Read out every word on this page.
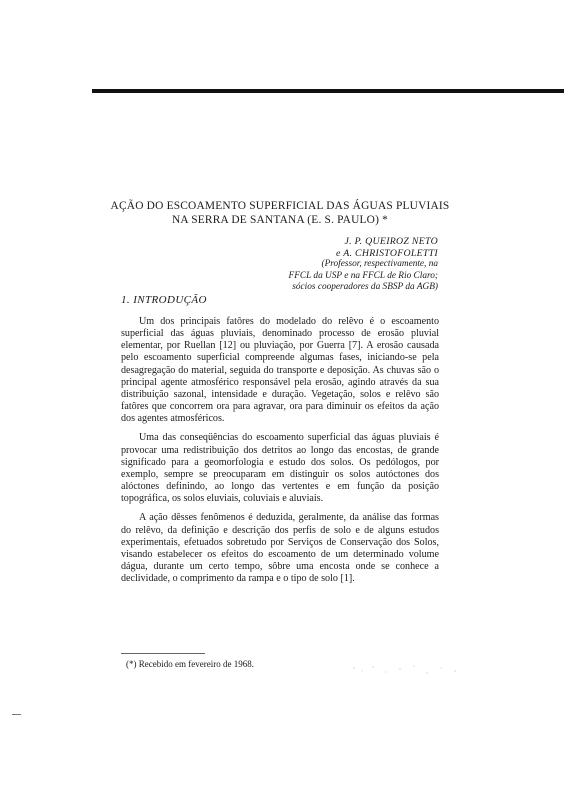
AÇÃO DO ESCOAMENTO SUPERFICIAL DAS ÁGUAS PLUVIAIS NA SERRA DE SANTANA (E. S. PAULO) *
J. P. QUEIROZ NETO
e A. CHRISTOFOLETTI
(Professor, respectivamente, na
FFCL da USP e na FFCL de Rio Claro;
sócios cooperadores da SBSP da AGB)
1. INTRODUÇÃO

Um dos principais fatôres do modelado do relêvo é o escoamento superficial das águas pluviais, denominado processo de erosão pluvial elementar, por Ruellan [12] ou pluviação, por Guerra [7]. A erosão causada pelo escoamento superficial compreende algumas fases, iniciando-se pela desagregação do material, seguida do transporte e deposição. As chuvas são o principal agente atmosférico responsável pela erosão, agindo através da sua distribuição sazonal, intensidade e duração. Vegetação, solos e relêvo são fatôres que concorrem ora para agravar, ora para diminuir os efeitos da ação dos agentes atmosféricos.

Uma das conseqüências do escoamento superficial das águas pluviais é provocar uma redistribuição dos detritos ao longo das encostas, de grande significado para a geomorfologia e estudo dos solos. Os pedólogos, por exemplo, sempre se preocuparam em distinguir os solos autóctones dos alóctones definindo, ao longo das vertentes e em função da posição topográfica, os solos eluviais, coluviais e aluviais.

A ação dêsses fenômenos é deduzida, geralmente, da análise das formas do relêvo, da definição e descrição dos perfis de solo e de alguns estudos experimentais, efetuados sobretudo por Serviços de Conservação dos Solos, visando estabelecer os efeitos do escoamento de um determinado volume dágua, durante um certo tempo, sôbre uma encosta onde se conhece a declividade, o comprimento da rampa e o tipo de solo [1].

(*) Recebido em fevereiro de 1968.
